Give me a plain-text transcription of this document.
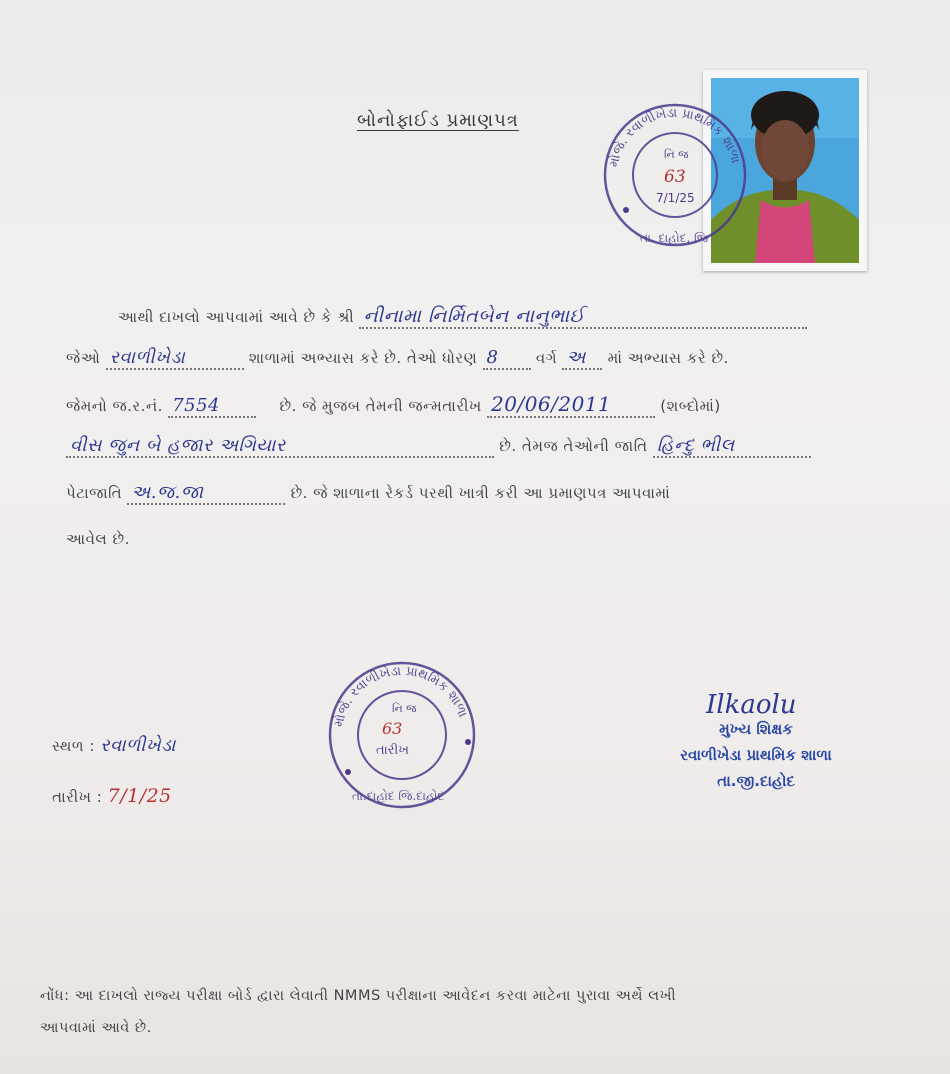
બોનોફાઈડ પ્રમાણપત્ર
મોજે. રવાળીખેડા પ્રાથમિક શાળા
તા. દાહોદ, જિ
નિ જ
63
7/1/25
આથી દાખલો આપવામાં આવે છે કે શ્રી નીનામા નિર્મિતબેન નાનુભાઈ
જેઓ રવાળીખેડા	શાળામાં અભ્યાસ કરે છે. તેઓ ધોરણ 8 વર્ગ અ માં અભ્યાસ કરે છે.
જેમનો જ.ર.નં. 7554	છે. જે મુજબ તેમની જન્મતારીખ 20/06/2011	(શબ્દોમાં)
વીસ જુન બે હજાર અગિયાર	છે. તેમજ તેઓની જાતિ હિન્દુ ભીલ
પેટાજાતિ અ.જ.જા	છે. જે શાળાના રેકર્ડ પરથી ખાત્રી કરી આ પ્રમાણપત્ર આપવામાં
આવેલ છે.
મોજે. રવાળીખેડા પ્રાથમિક શાળા
તા.દાહોદ જિ.દાહોદ
નિ જ
63
તારીખ
સ્થળ : રવાળીખેડા
તારીખ : 7/1/25
Ilkaolu
મુખ્ય શિક્ષક
રવાળીખેડા પ્રાથમિક શાળા
તા.જી.દાહોદ
નોંધ: આ દાખલો રાજ્ય પરીક્ષા બોર્ડ દ્વારા લેવાતી NMMS પરીક્ષાના આવેદન કરવા માટેના પુરાવા અર્થે લખી
આપવામાં આવે છે.
